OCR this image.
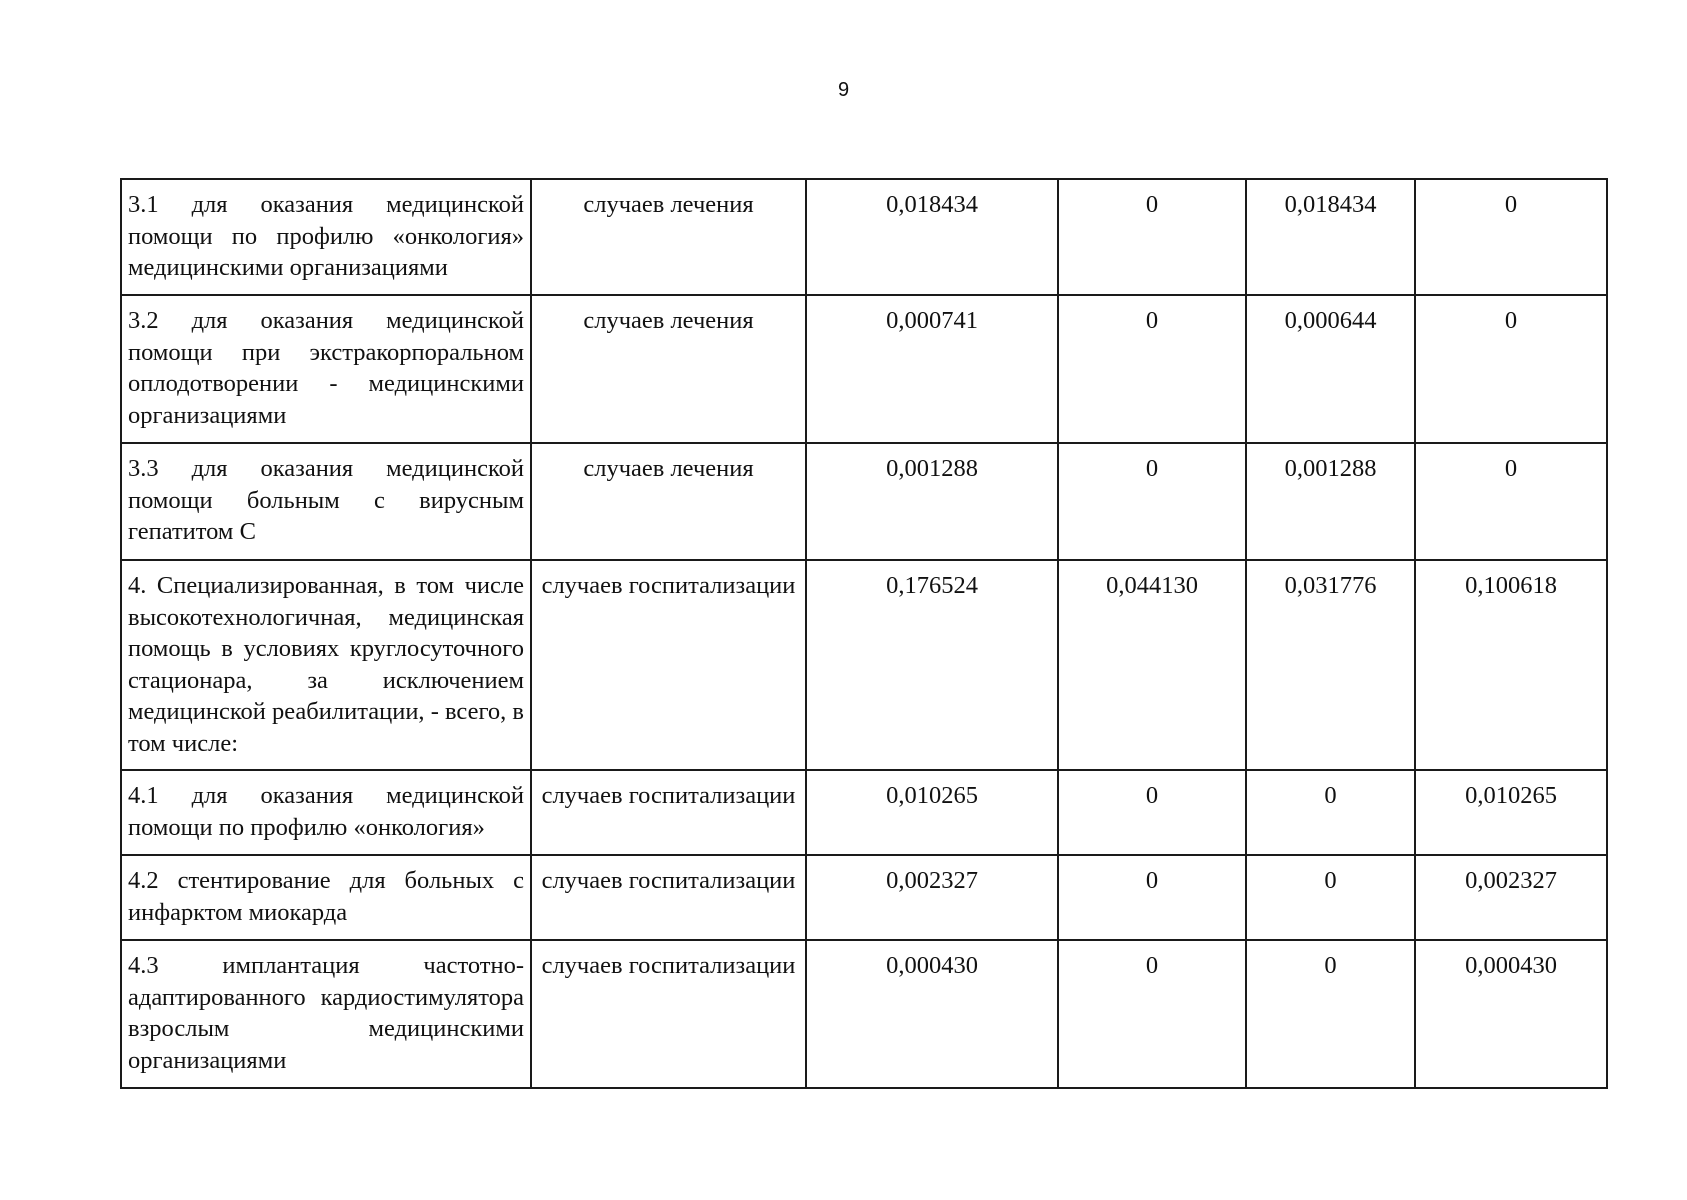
9
3.1 для оказания медицинской помощи по профилю «онкология» медицинскими организациями	случаев лечения	0,018434	0	0,018434	0
3.2 для оказания медицинской помощи при экстракорпоральном оплодотворении - медицинскими организациями	случаев лечения	0,000741	0	0,000644	0
3.3 для оказания медицинской помощи больным с вирусным гепатитом С	случаев лечения	0,001288	0	0,001288	0
4. Специализированная, в том числе высокотехнологичная, медицинская помощь в условиях круглосуточного стационара, за исключением медицинской реабилитации, - всего, в том числе:	случаев госпитализации	0,176524	0,044130	0,031776	0,100618
4.1 для оказания медицинской помощи по профилю «онкология»	случаев госпитализации	0,010265	0	0	0,010265
4.2 стентирование для больных с инфарктом миокарда	случаев госпитализации	0,002327	0	0	0,002327
4.3 имплантация частотно-адаптированного кардиостимулятора взрослым медицинскими организациями	случаев госпитализации	0,000430	0	0	0,000430
